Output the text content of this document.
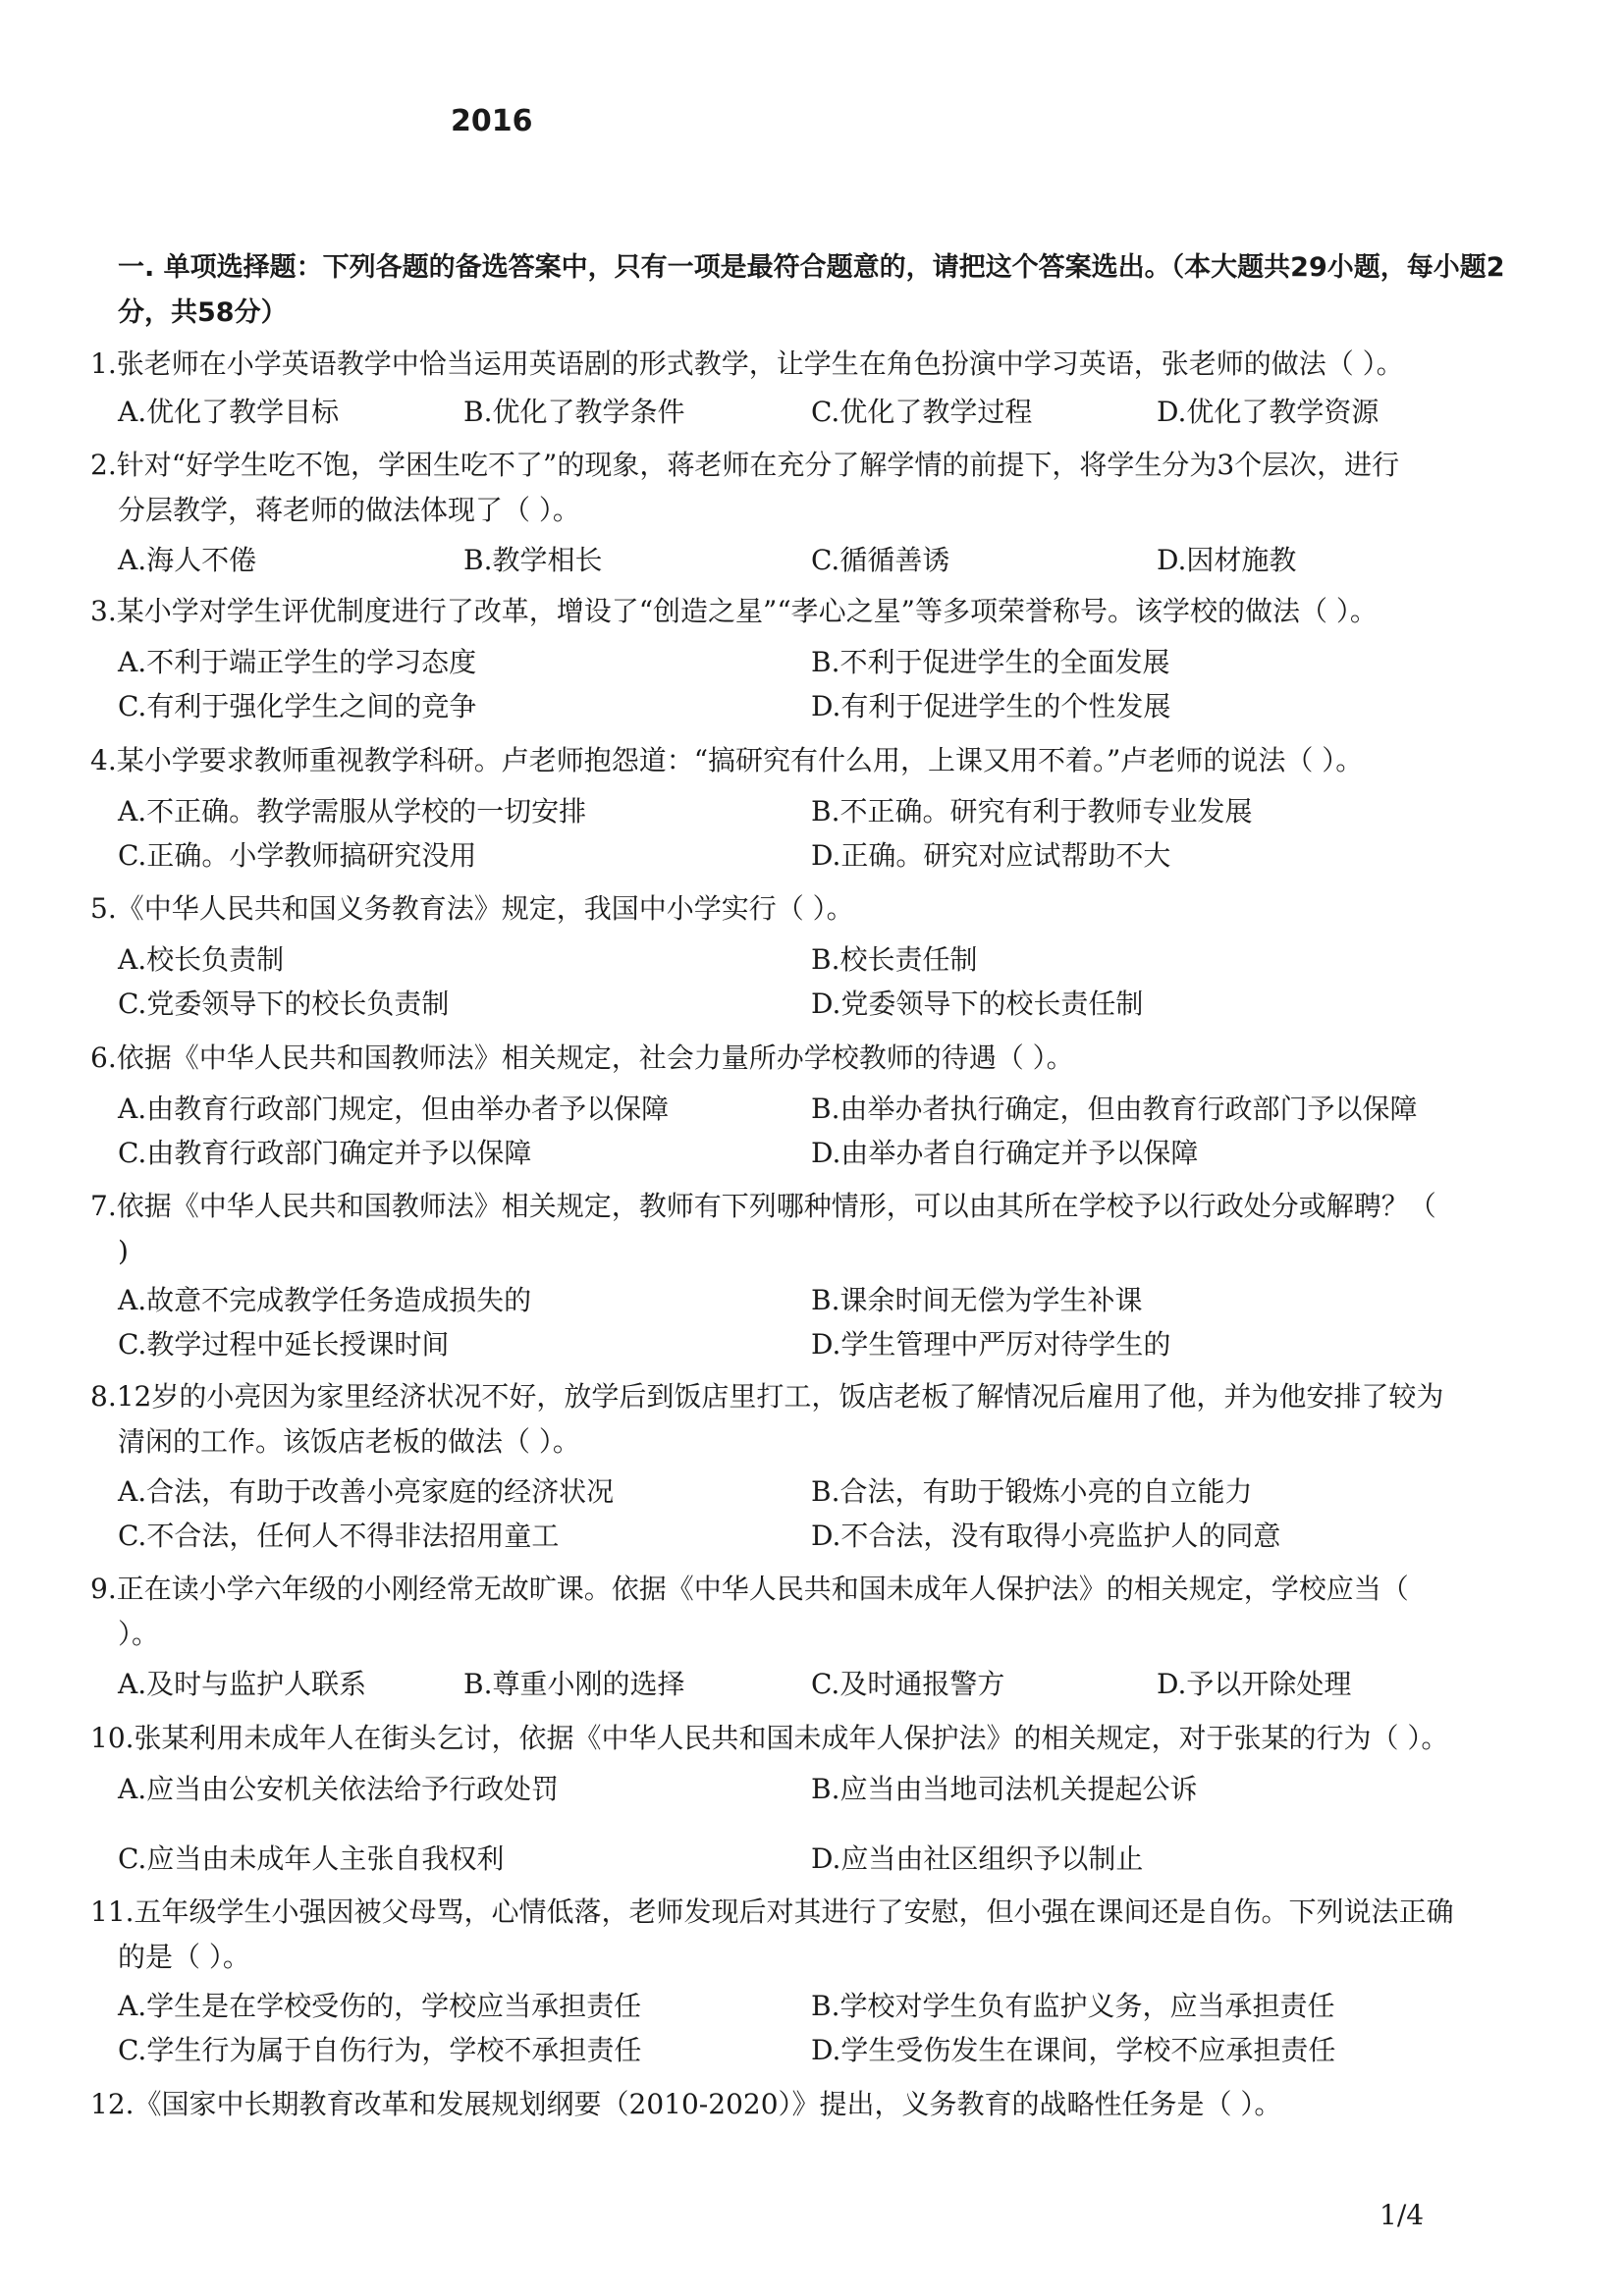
2016
一. 单项选择题：下列各题的备选答案中，只有一项是最符合题意的，请把这个答案选出。（本大题共29小题，每小题2分，共58分）
1.张老师在小学英语教学中恰当运用英语剧的形式教学，让学生在角色扮演中学习英语，张老师的做法（ ）。
A.优化了教学目标	B.优化了教学条件	C.优化了教学过程	D.优化了教学资源
2.针对“好学生吃不饱，学困生吃不了”的现象，蒋老师在充分了解学情的前提下，将学生分为3个层次，进行
分层教学，蒋老师的做法体现了（ ）。
A.海人不倦	B.教学相长	C.循循善诱	D.因材施教
3.某小学对学生评优制度进行了改革，增设了“创造之星”“孝心之星”等多项荣誉称号。该学校的做法（ ）。
A.不利于端正学生的学习态度	B.不利于促进学生的全面发展
C.有利于强化学生之间的竞争	D.有利于促进学生的个性发展
4.某小学要求教师重视教学科研。卢老师抱怨道：“搞研究有什么用，上课又用不着。”卢老师的说法（ ）。
A.不正确。教学需服从学校的一切安排	B.不正确。研究有利于教师专业发展
C.正确。小学教师搞研究没用	D.正确。研究对应试帮助不大
5.《中华人民共和国义务教育法》规定，我国中小学实行（ ）。
A.校长负责制	B.校长责任制
C.党委领导下的校长负责制	D.党委领导下的校长责任制
6.依据《中华人民共和国教师法》相关规定，社会力量所办学校教师的待遇（ ）。
A.由教育行政部门规定，但由举办者予以保障	B.由举办者执行确定，但由教育行政部门予以保障
C.由教育行政部门确定并予以保障	D.由举办者自行确定并予以保障
7.依据《中华人民共和国教师法》相关规定，教师有下列哪种情形，可以由其所在学校予以行政处分或解聘？（
)
A.故意不完成教学任务造成损失的	B.课余时间无偿为学生补课
C.教学过程中延长授课时间	D.学生管理中严厉对待学生的
8.12岁的小亮因为家里经济状况不好，放学后到饭店里打工，饭店老板了解情况后雇用了他，并为他安排了较为
清闲的工作。该饭店老板的做法（ ）。
A.合法，有助于改善小亮家庭的经济状况	B.合法，有助于锻炼小亮的自立能力
C.不合法，任何人不得非法招用童工	D.不合法，没有取得小亮监护人的同意
9.正在读小学六年级的小刚经常无故旷课。依据《中华人民共和国未成年人保护法》的相关规定，学校应当（
）。
A.及时与监护人联系	B.尊重小刚的选择	C.及时通报警方	D.予以开除处理
10.张某利用未成年人在街头乞讨，依据《中华人民共和国未成年人保护法》的相关规定，对于张某的行为（ ）。
A.应当由公安机关依法给予行政处罚	B.应当由当地司法机关提起公诉
C.应当由未成年人主张自我权利	D.应当由社区组织予以制止
11.五年级学生小强因被父母骂，心情低落，老师发现后对其进行了安慰，但小强在课间还是自伤。下列说法正确
的是（ ）。
A.学生是在学校受伤的，学校应当承担责任	B.学校对学生负有监护义务，应当承担责任
C.学生行为属于自伤行为，学校不承担责任	D.学生受伤发生在课间，学校不应承担责任
12.《国家中长期教育改革和发展规划纲要（2010-2020）》提出，义务教育的战略性任务是（ ）。
1/4
